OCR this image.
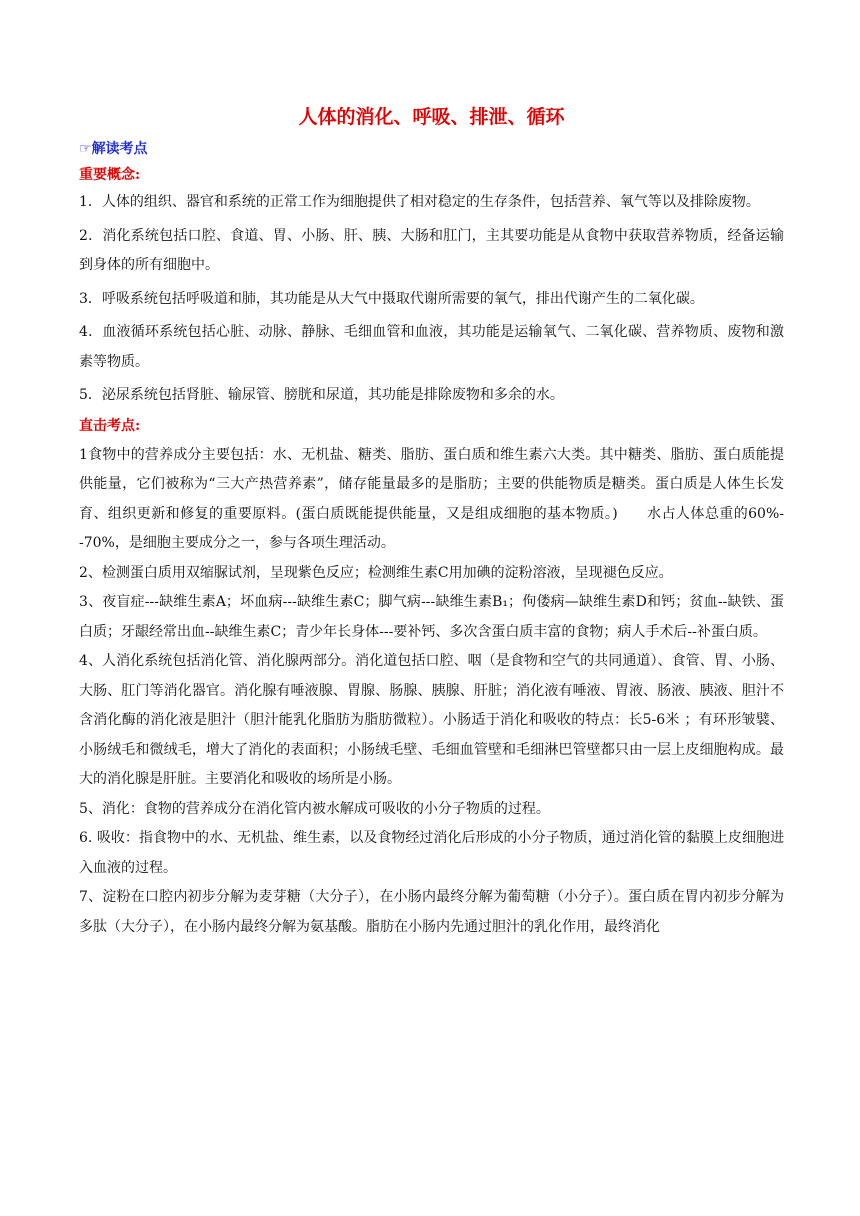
人体的消化、呼吸、排泄、循环
☞解读考点
重要概念:

1．人体的组织、器官和系统的正常工作为细胞提供了相对稳定的生存条件，包括营养、氧气等以及排除废物。

2．消化系统包括口腔、食道、胃、小肠、肝、胰、大肠和肛门，主其要功能是从食物中获取营养物质，经备运输到身体的所有细胞中。

3．呼吸系统包括呼吸道和肺，其功能是从大气中摄取代谢所需要的氧气，排出代谢产生的二氧化碳。

4．血液循环系统包括心脏、动脉、静脉、毛细血管和血液，其功能是运输氧气、二氧化碳、营养物质、废物和激素等物质。

5．泌尿系统包括肾脏、输尿管、膀胱和尿道，其功能是排除废物和多余的水。

直击考点:

1食物中的营养成分主要包括：水、无机盐、糖类、脂肪、蛋白质和维生素六大类。其中糖类、脂肪、蛋白质能提供能量，它们被称为“三大产热营养素”，储存能量最多的是脂肪；主要的供能物质是糖类。蛋白质是人体生长发育、组织更新和修复的重要原料。(蛋白质既能提供能量，又是组成细胞的基本物质。)　　水占人体总重的60%--70%，是细胞主要成分之一，参与各项生理活动。

2、检测蛋白质用双缩脲试剂，呈现紫色反应；检测维生素C用加碘的淀粉溶液，呈现褪色反应。

3、夜盲症---缺维生素A；坏血病---缺维生素C；脚气病---缺维生素B₁；佝偻病—缺维生素D和钙；贫血--缺铁、蛋白质；牙龈经常出血--缺维生素C；青少年长身体---要补钙、多次含蛋白质丰富的食物；病人手术后--补蛋白质。

4、人消化系统包括消化管、消化腺两部分。消化道包括口腔、咽（是食物和空气的共同通道）、食管、胃、小肠、大肠、肛门等消化器官。消化腺有唾液腺、胃腺、肠腺、胰腺、肝脏；消化液有唾液、胃液、肠液、胰液、胆汁不含消化酶的消化液是胆汁（胆汁能乳化脂肪为脂肪微粒）。小肠适于消化和吸收的特点：长5-6米 ；有环形皱襞、小肠绒毛和微绒毛，增大了消化的表面积；小肠绒毛壁、毛细血管壁和毛细淋巴管壁都只由一层上皮细胞构成。最大的消化腺是肝脏。主要消化和吸收的场所是小肠。

5、消化：食物的营养成分在消化管内被水解成可吸收的小分子物质的过程。

6. 吸收：指食物中的水、无机盐、维生素，以及食物经过消化后形成的小分子物质，通过消化管的黏膜上皮细胞进入血液的过程。

7、淀粉在口腔内初步分解为麦芽糖（大分子），在小肠内最终分解为葡萄糖（小分子）。蛋白质在胃内初步分解为多肽（大分子），在小肠内最终分解为氨基酸。脂肪在小肠内先通过胆汁的乳化作用，最终消化
